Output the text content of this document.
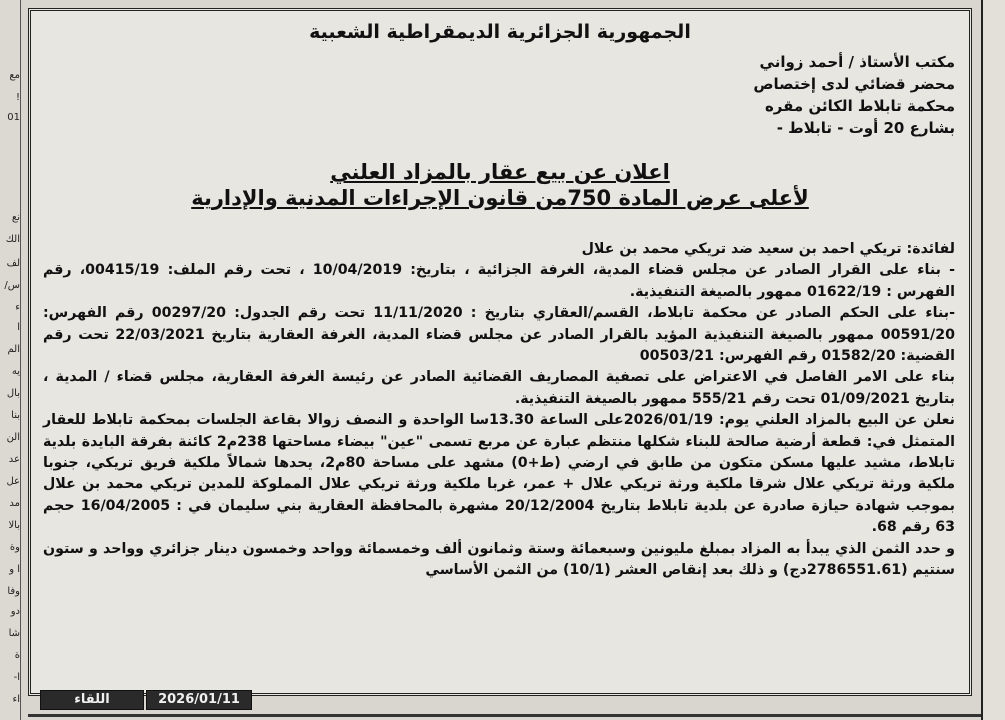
مع
!
01
نع
الك
لف
س/
ء
ا
الم
يه
بال
بنا
الن
عد
عل
مد
بالا
وة
ا و
وفا
دو
شا
ة
ا-
اء
الجمهورية الجزائرية الديمقراطية الشعبية
مكتب الأستاذ / أحمد زواني
محضر قضائي لدى إختصاص
محكمة تابلاط الكائن مقره
بشارع 20 أوت - تابلاط -
اعلان عن بيع عقار بالمزاد العلني
لأعلى عرض المادة 750من قانون الإجراءات المدنية والإدارية

لفائدة: تريكي احمد بن سعيد ضد تريكي محمد بن علال

- بناء على القرار الصادر عن مجلس قضاء المدية، الغرفة الجزائية ، بتاريخ: 10/04/2019 ، تحت رقم الملف: 00415/19، رقم الفهرس : 01622/19 ممهور بالصيغة التنفيذية.

-بناء على الحكم الصادر عن محكمة تابلاط، القسم/العقاري بتاريخ : 11/11/2020 تحت رقم الجدول: 00297/20 رقم الفهرس: 00591/20 ممهور بالصيغة التنفيذية المؤيد بالقرار الصادر عن مجلس قضاء المدية، الغرفة العقارية بتاريخ 22/03/2021 تحت رقم القضية: 01582/20 رقم الفهرس: 00503/21

بناء على الامر الفاصل في الاعتراض على تصفية المصاريف القضائية الصادر عن رئيسة الغرفة العقارية، مجلس قضاء / المدية ، بتاريخ 01/09/2021 تحت رقم 555/21 ممهور بالصيغة التنفيذية.

نعلن عن البيع بالمزاد العلني يوم: 2026/01/19على الساعة 13.30سا الواحدة و النصف زوالا بقاعة الجلسات بمحكمة تابلاط للعقار المتمثل في: قطعة أرضية صالحة للبناء شكلها منتظم عبارة عن مربع تسمى "عين" بيضاء مساحتها 238م2 كائنة بفرقة البايدة بلدية تابلاط، مشيد عليها مسكن متكون من طابق في ارضي (ط+0) مشهد على مساحة 80م2، يحدها شمالاً ملكية فريق تريكي، جنوبا ملكية ورثة تريكي علال شرقا ملكية ورثة تريكي علال + عمر، غربا ملكية ورثة تريكي علال المملوكة للمدين تريكي محمد بن علال بموجب شهادة حيازة صادرة عن بلدية تابلاط بتاريخ 20/12/2004 مشهرة بالمحافظة العقارية بني سليمان في : 16/04/2005 حجم 63 رقم 68.

و حدد الثمن الذي يبدأ به المزاد بمبلغ مليونين وسبعمائة وستة وثمانون ألف وخمسمائة وواحد وخمسون دينار جزائري وواحد و ستون سنتيم (2786551.61دج) و ذلك بعد إنقاص العشر (10/1) من الثمن الأساسي

2026/01/11
اللقاء
